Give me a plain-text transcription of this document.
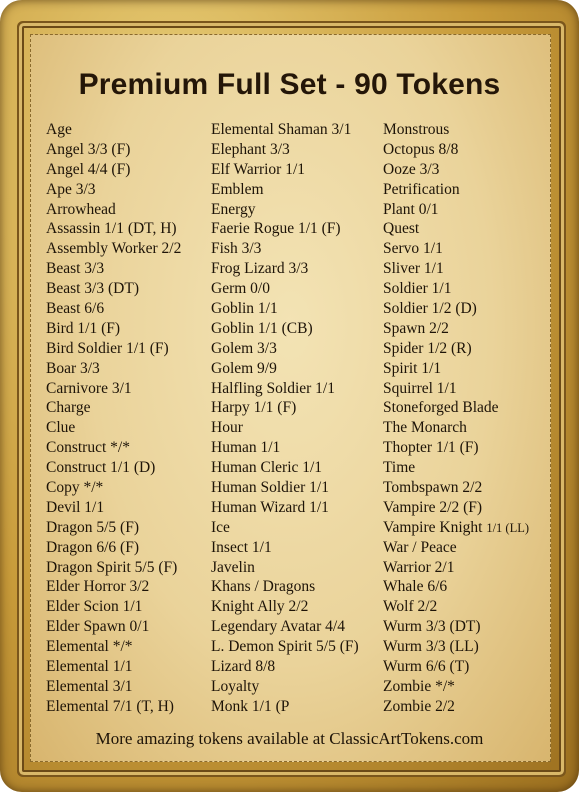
Premium Full Set - 90 Tokens
Age
Angel 3/3 (F)
Angel 4/4 (F)
Ape 3/3
Arrowhead
Assassin 1/1 (DT, H)
Assembly Worker 2/2
Beast 3/3
Beast 3/3 (DT)
Beast 6/6
Bird 1/1 (F)
Bird Soldier 1/1 (F)
Boar 3/3
Carnivore 3/1
Charge
Clue
Construct */*
Construct 1/1 (D)
Copy */*
Devil 1/1
Dragon 5/5 (F)
Dragon 6/6 (F)
Dragon Spirit 5/5 (F)
Elder Horror 3/2
Elder Scion 1/1
Elder Spawn 0/1
Elemental */*
Elemental 1/1
Elemental 3/1
Elemental 7/1 (T, H)
Elemental Shaman 3/1
Elephant 3/3
Elf Warrior 1/1
Emblem
Energy
Faerie Rogue 1/1 (F)
Fish 3/3
Frog Lizard 3/3
Germ 0/0
Goblin 1/1
Goblin 1/1 (CB)
Golem 3/3
Golem 9/9
Halfling Soldier 1/1
Harpy 1/1 (F)
Hour
Human 1/1
Human Cleric 1/1
Human Soldier 1/1
Human Wizard 1/1
Ice
Insect 1/1
Javelin
Khans / Dragons
Knight Ally 2/2
Legendary Avatar 4/4
L. Demon Spirit 5/5 (F)
Lizard 8/8
Loyalty
Monk 1/1 (P
Monstrous
Octopus 8/8
Ooze 3/3
Petrification
Plant 0/1
Quest
Servo 1/1
Sliver 1/1
Soldier 1/1
Soldier 1/2 (D)
Spawn 2/2
Spider 1/2 (R)
Spirit 1/1
Squirrel 1/1
Stoneforged Blade
The Monarch
Thopter 1/1 (F)
Time
Tombspawn 2/2
Vampire 2/2 (F)
Vampire Knight 1/1 (LL)
War / Peace
Warrior 2/1
Whale 6/6
Wolf 2/2
Wurm 3/3 (DT)
Wurm 3/3 (LL)
Wurm 6/6 (T)
Zombie */*
Zombie 2/2
More amazing tokens available at ClassicArtTokens.com
